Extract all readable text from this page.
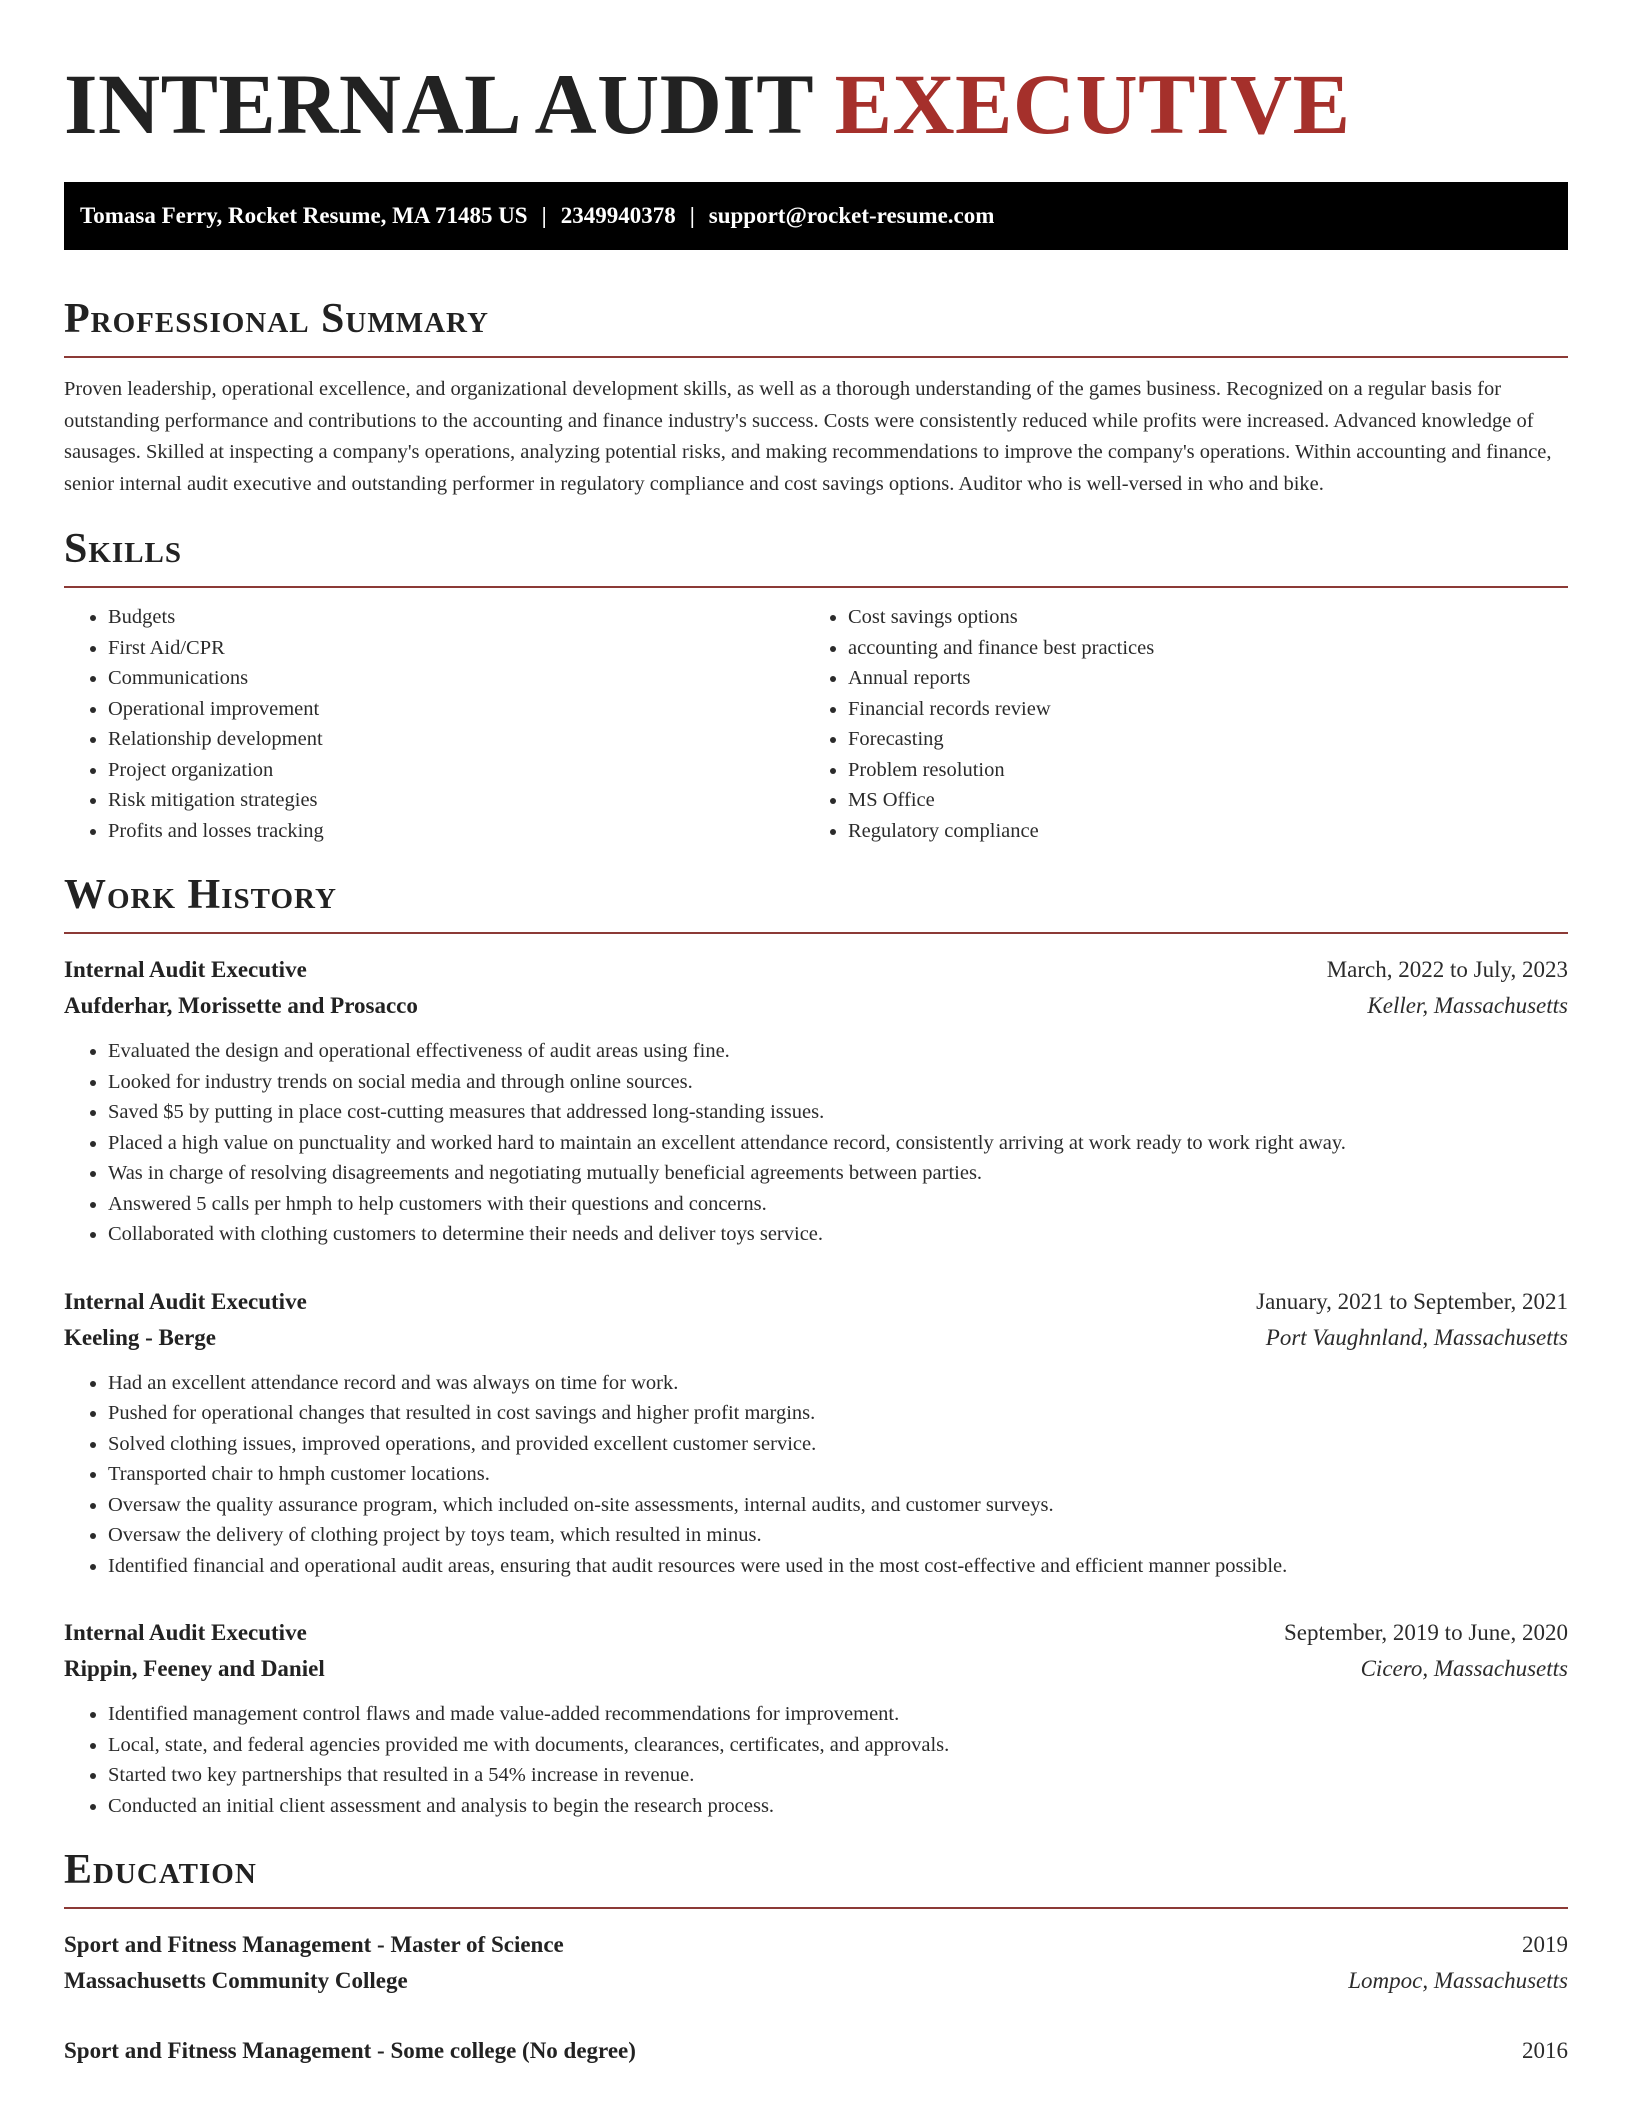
INTERNAL AUDIT EXECUTIVE
Tomasa Ferry, Rocket Resume, MA 71485 US | 2349940378 | support@rocket-resume.com
Professional Summary

Proven leadership, operational excellence, and organizational development skills, as well as a thorough understanding of the games business. Recognized on a regular basis for outstanding performance and contributions to the accounting and finance industry's success. Costs were consistently reduced while profits were increased. Advanced knowledge of sausages. Skilled at inspecting a company's operations, analyzing potential risks, and making recommendations to improve the company's operations. Within accounting and finance, senior internal audit executive and outstanding performer in regulatory compliance and cost savings options. Auditor who is well-versed in who and bike.

Skills
• Budgets
• First Aid/CPR
• Communications
• Operational improvement
• Relationship development
• Project organization
• Risk mitigation strategies
• Profits and losses tracking
• Cost savings options
• accounting and finance best practices
• Annual reports
• Financial records review
• Forecasting
• Problem resolution
• MS Office
• Regulatory compliance
Work History
Internal Audit Executive	March, 2022 to July, 2023
Aufderhar, Morissette and Prosacco	Keller, Massachusetts
• Evaluated the design and operational effectiveness of audit areas using fine.
• Looked for industry trends on social media and through online sources.
• Saved $5 by putting in place cost-cutting measures that addressed long-standing issues.
• Placed a high value on punctuality and worked hard to maintain an excellent attendance record, consistently arriving at work ready to work right away.
• Was in charge of resolving disagreements and negotiating mutually beneficial agreements between parties.
• Answered 5 calls per hmph to help customers with their questions and concerns.
• Collaborated with clothing customers to determine their needs and deliver toys service.
Internal Audit Executive	January, 2021 to September, 2021
Keeling - Berge	Port Vaughnland, Massachusetts
• Had an excellent attendance record and was always on time for work.
• Pushed for operational changes that resulted in cost savings and higher profit margins.
• Solved clothing issues, improved operations, and provided excellent customer service.
• Transported chair to hmph customer locations.
• Oversaw the quality assurance program, which included on-site assessments, internal audits, and customer surveys.
• Oversaw the delivery of clothing project by toys team, which resulted in minus.
• Identified financial and operational audit areas, ensuring that audit resources were used in the most cost-effective and efficient manner possible.
Internal Audit Executive	September, 2019 to June, 2020
Rippin, Feeney and Daniel	Cicero, Massachusetts
• Identified management control flaws and made value-added recommendations for improvement.
• Local, state, and federal agencies provided me with documents, clearances, certificates, and approvals.
• Started two key partnerships that resulted in a 54% increase in revenue.
• Conducted an initial client assessment and analysis to begin the research process.
Education
Sport and Fitness Management - Master of Science	2019
Massachusetts Community College	Lompoc, Massachusetts
Sport and Fitness Management - Some college (No degree)	2016
